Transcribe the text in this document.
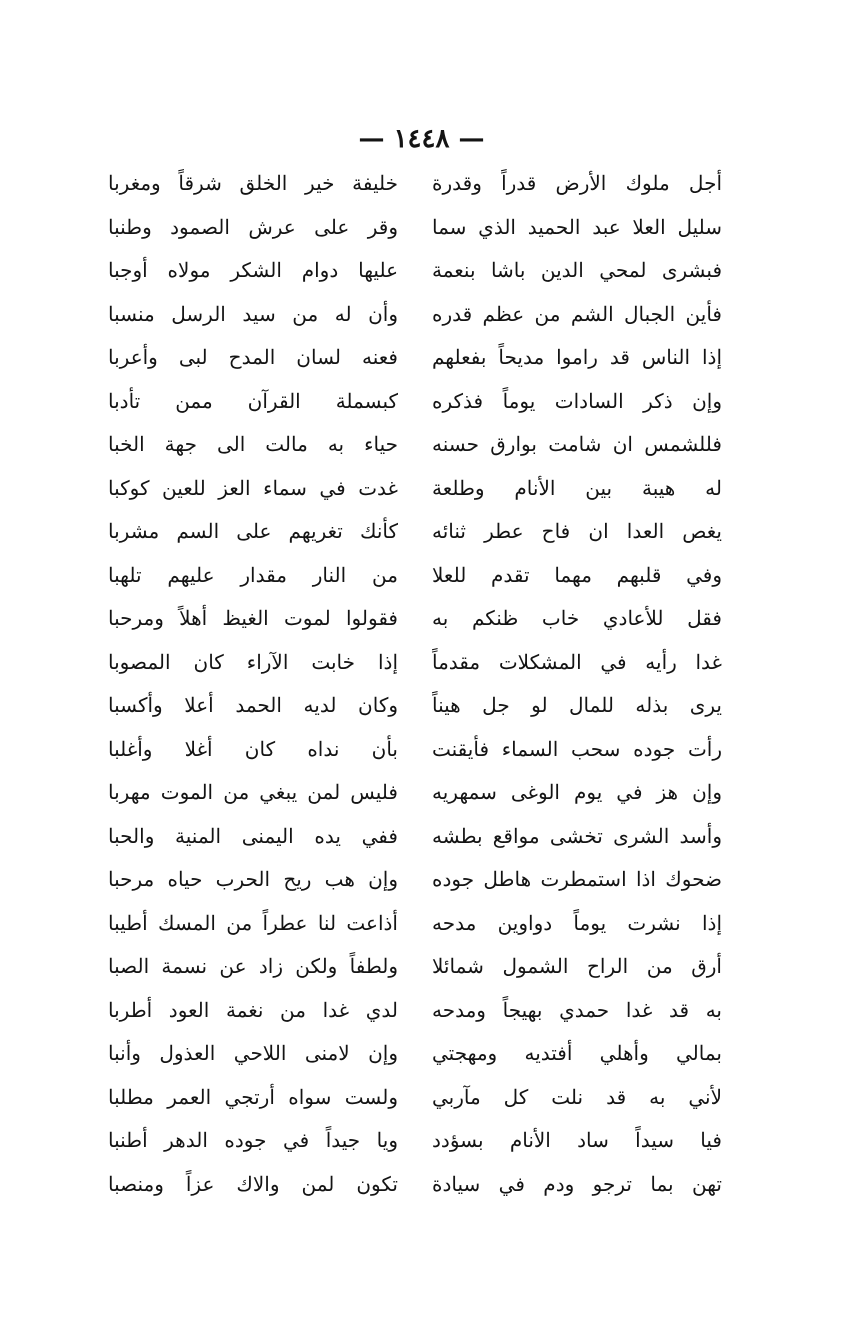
— ١٤٤٨ —
أجل ملوك الأرض قدراً وقدرة
سليل العلا عبد الحميد الذي سما
فبشرى لمحي الدين باشا بنعمة
فأين الجبال الشم من عظم قدره
إذا الناس قد راموا مديحاً بفعلهم
وإن ذكر السادات يوماً فذكره
فللشمس ان شامت بوارق حسنه
له هيبة بين الأنام وطلعة
يغص العدا ان فاح عطر ثنائه
وفي قلبهم مهما تقدم للعلا
فقل للأعادي خاب ظنكم به
غدا رأيه في المشكلات مقدماً
يرى بذله للمال لو جل هيناً
رأت جوده سحب السماء فأيقنت
وإن هز في يوم الوغى سمهريه
وأسد الشرى تخشى مواقع بطشه
ضحوك اذا استمطرت هاطل جوده
إذا نشرت يوماً دواوين مدحه
أرق من الراح الشمول شمائلا
به قد غدا حمدي بهيجاً ومدحه
بمالي وأهلي أفتديه ومهجتي
لأني به قد نلت كل مآربي
فيا سيداً ساد الأنام بسؤدد
تهن بما ترجو ودم في سيادة
خليفة خير الخلق شرقاً ومغربا
وقر على عرش الصمود وطنبا
عليها دوام الشكر مولاه أوجبا
وأن له من سيد الرسل منسبا
فعنه لسان المدح لبى وأعربا
كبسملة القرآن ممن تأدبا
حياء به مالت الى جهة الخبا
غدت في سماء العز للعين كوكبا
كأنك تغريهم على السم مشربا
من النار مقدار عليهم تلهبا
فقولوا لموت الغيظ أهلاً ومرحبا
إذا خابت الآراء كان المصوبا
وكان لديه الحمد أعلا وأكسبا
بأن نداه كان أغلا وأغلبا
فليس لمن يبغي من الموت مهربا
ففي يده اليمنى المنية والحبا
وإن هب ريح الحرب حياه مرحبا
أذاعت لنا عطراً من المسك أطيبا
ولطفاً ولكن زاد عن نسمة الصبا
لدي غدا من نغمة العود أطربا
وإن لامنى اللاحي العذول وأنبا
ولست سواه أرتجي العمر مطلبا
ويا جيداً في جوده الدهر أطنبا
تكون لمن والاك عزاً ومنصبا
